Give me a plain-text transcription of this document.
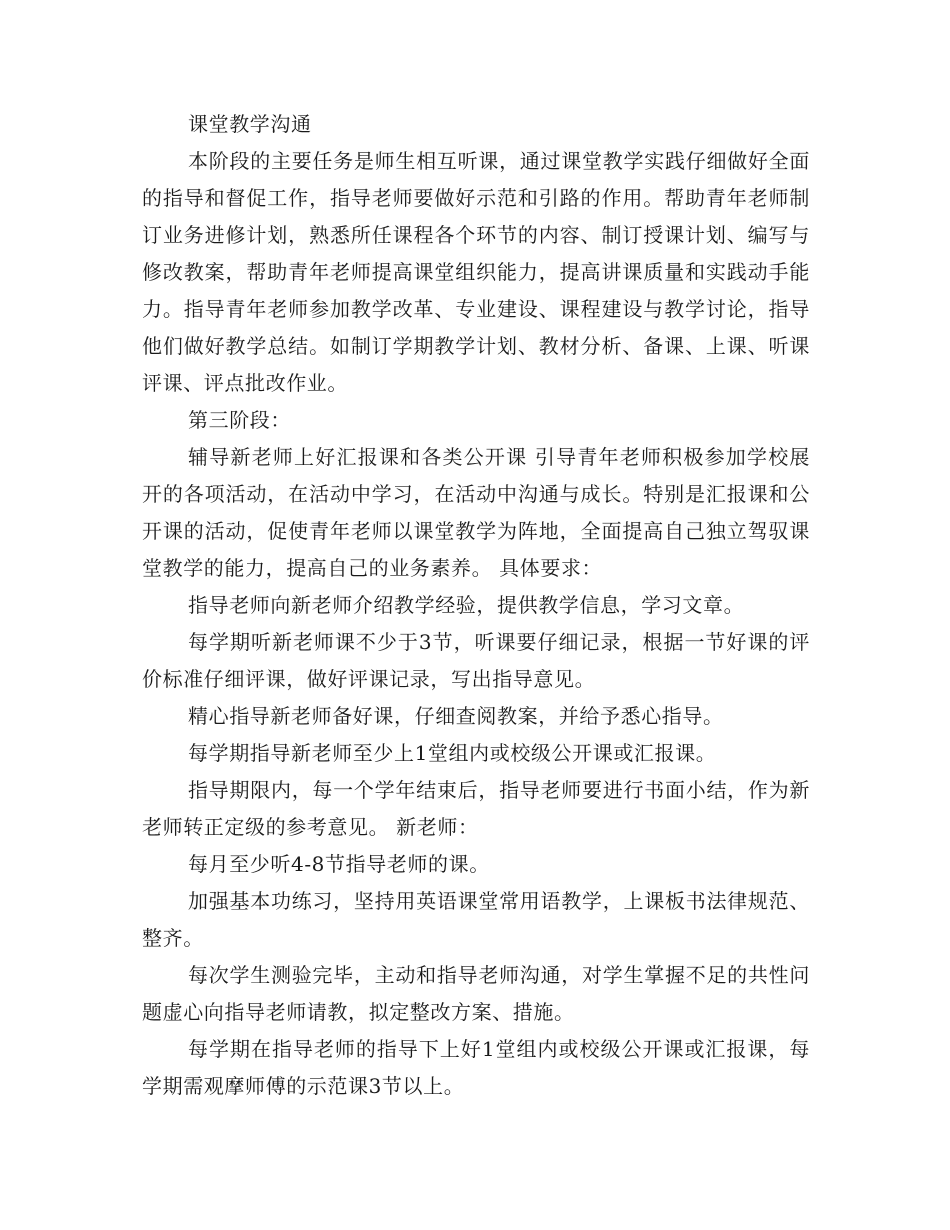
课堂教学沟通

本阶段的主要任务是师生相互听课，通过课堂教学实践仔细做好全面的指导和督促工作，指导老师要做好示范和引路的作用。帮助青年老师制订业务进修计划，熟悉所任课程各个环节的内容、制订授课计划、编写与修改教案，帮助青年老师提高课堂组织能力，提高讲课质量和实践动手能力。指导青年老师参加教学改革、专业建设、课程建设与教学讨论，指导他们做好教学总结。如制订学期教学计划、教材分析、备课、上课、听课评课、评点批改作业。

第三阶段：

辅导新老师上好汇报课和各类公开课 引导青年老师积极参加学校展开的各项活动，在活动中学习，在活动中沟通与成长。特别是汇报课和公开课的活动，促使青年老师以课堂教学为阵地，全面提高自己独立驾驭课堂教学的能力，提高自己的业务素养。 具体要求：

指导老师向新老师介绍教学经验，提供教学信息，学习文章。

每学期听新老师课不少于3节，听课要仔细记录，根据一节好课的评价标准仔细评课，做好评课记录，写出指导意见。

精心指导新老师备好课，仔细查阅教案，并给予悉心指导。

每学期指导新老师至少上1堂组内或校级公开课或汇报课。

指导期限内，每一个学年结束后，指导老师要进行书面小结，作为新老师转正定级的参考意见。 新老师：

每月至少听4-8节指导老师的课。

加强基本功练习，坚持用英语课堂常用语教学，上课板书法律规范、整齐。

每次学生测验完毕，主动和指导老师沟通，对学生掌握不足的共性问题虚心向指导老师请教，拟定整改方案、措施。

每学期在指导老师的指导下上好1堂组内或校级公开课或汇报课，每学期需观摩师傅的示范课3节以上。
